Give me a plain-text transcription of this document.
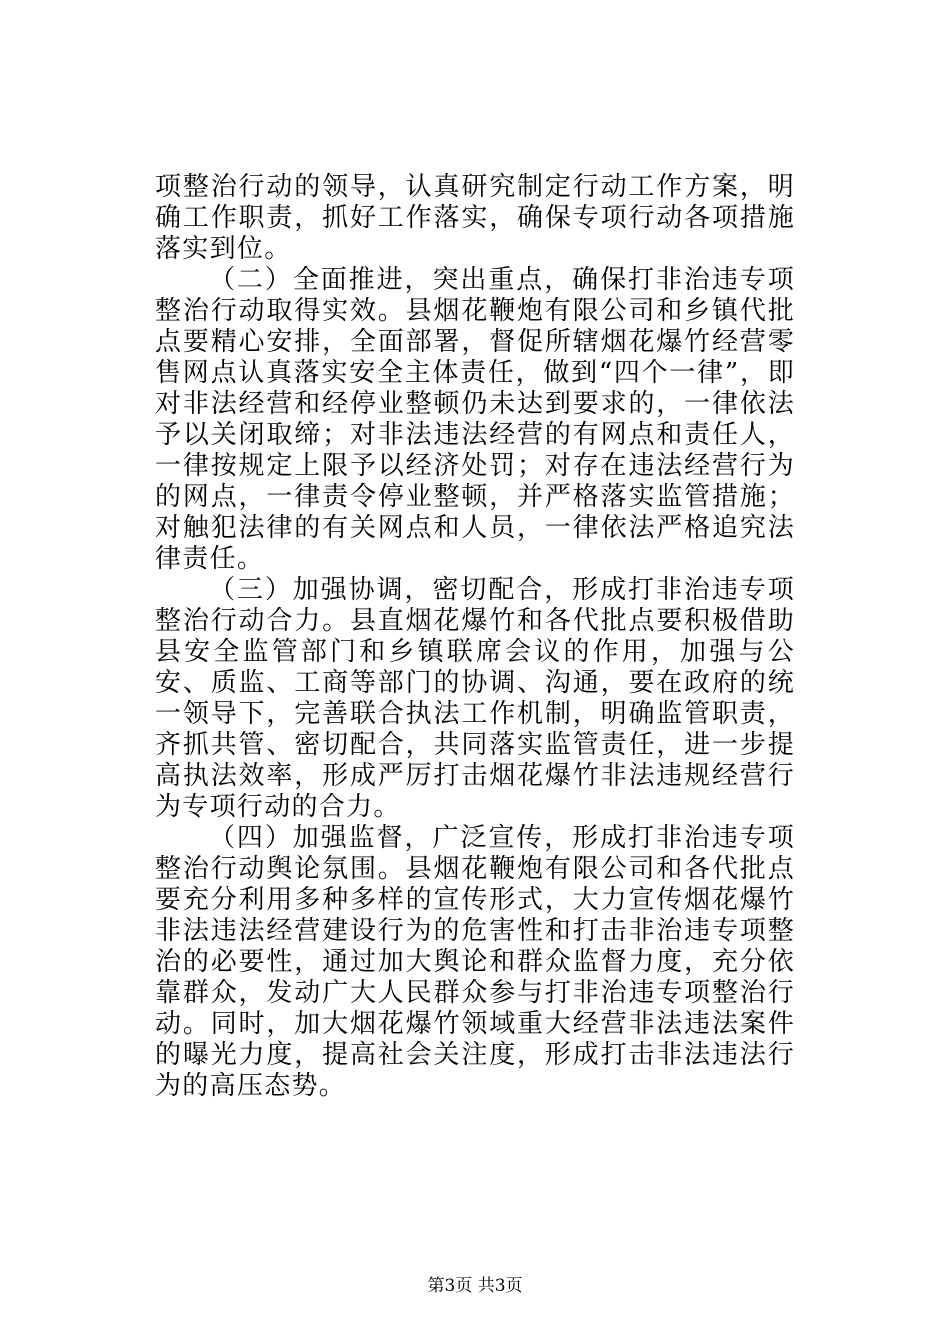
项整治行动的领导，认真研究制定行动工作方案，明确工作职责，抓好工作落实，确保专项行动各项措施落实到位。

（二）全面推进，突出重点，确保打非治违专项整治行动取得实效。县烟花鞭炮有限公司和乡镇代批点要精心安排，全面部署，督促所辖烟花爆竹经营零售网点认真落实安全主体责任，做到“四个一律”，即对非法经营和经停业整顿仍未达到要求的，一律依法予以关闭取缔；对非法违法经营的有网点和责任人，一律按规定上限予以经济处罚；对存在违法经营行为的网点，一律责令停业整顿，并严格落实监管措施；对触犯法律的有关网点和人员，一律依法严格追究法律责任。

（三）加强协调，密切配合，形成打非治违专项整治行动合力。县直烟花爆竹和各代批点要积极借助县安全监管部门和乡镇联席会议的作用，加强与公安、质监、工商等部门的协调、沟通，要在政府的统一领导下，完善联合执法工作机制，明确监管职责，齐抓共管、密切配合，共同落实监管责任，进一步提高执法效率，形成严厉打击烟花爆竹非法违规经营行为专项行动的合力。

（四）加强监督，广泛宣传，形成打非治违专项整治行动舆论氛围。县烟花鞭炮有限公司和各代批点要充分利用多种多样的宣传形式，大力宣传烟花爆竹非法违法经营建设行为的危害性和打击非治违专项整治的必要性，通过加大舆论和群众监督力度，充分依靠群众，发动广大人民群众参与打非治违专项整治行动。同时，加大烟花爆竹领域重大经营非法违法案件的曝光力度，提高社会关注度，形成打击非法违法行为的高压态势。

第3页 共3页
